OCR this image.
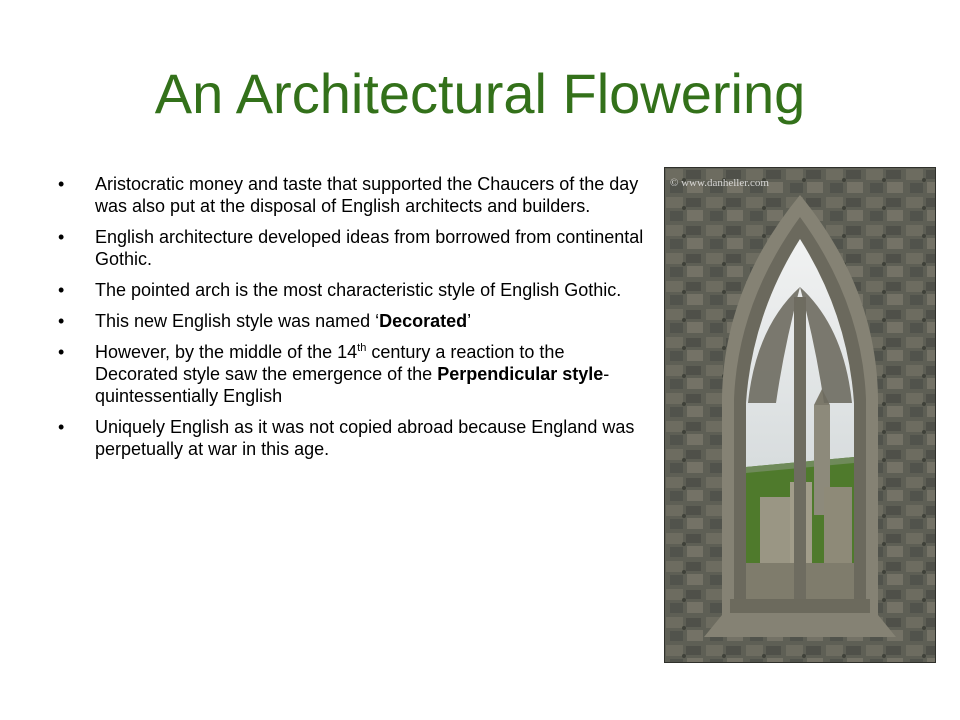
An Architectural Flowering
• Aristocratic money and taste that supported the Chaucers of the day was also put at the disposal of English architects and builders.
• English architecture developed ideas from borrowed from continental Gothic.
• The pointed arch is the most characteristic style of English Gothic.
• This new English style was named ‘Decorated’
• However, by the middle of the 14th century a reaction to the Decorated style saw the emergence of the Perpendicular style- quintessentially English
• Uniquely English as it was not copied abroad because England was perpetually at war in this age.
© www.danheller.com
